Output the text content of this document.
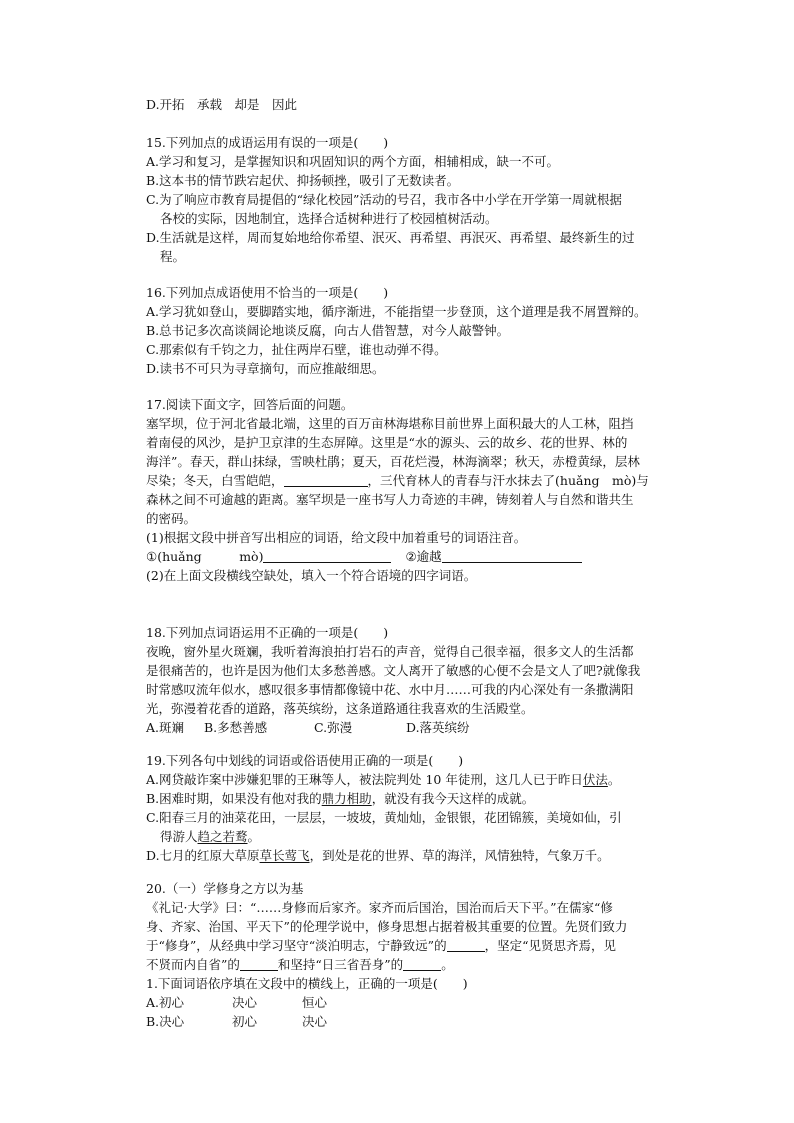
D.开拓　承载　却是　因此
15.下列加点的成语运用有误的一项是(　　)
A.学习和复习，是掌握知识和巩固知识的两个方面，相辅相成，缺一不可。
B.这本书的情节跌宕起伏、抑扬顿挫，吸引了无数读者。
C.为了响应市教育局提倡的“绿化校园”活动的号召，我市各中小学在开学第一周就根据
各校的实际，因地制宜，选择合适树种进行了校园植树活动。
D.生活就是这样，周而复始地给你希望、泯灭、再希望、再泯灭、再希望、最终新生的过
程。
16.下列加点成语使用不恰当的一项是(　　)
A.学习犹如登山，要脚踏实地，循序渐进，不能指望一步登顶，这个道理是我不屑置辩的。
B.总书记多次高谈阔论地谈反腐，向古人借智慧，对今人敲警钟。
C.那索似有千钧之力，扯住两岸石壁，谁也动弹不得。
D.读书不可只为寻章摘句，而应推敲细思。
17.阅读下面文字，回答后面的问题。
塞罕坝，位于河北省最北端，这里的百万亩林海堪称目前世界上面积最大的人工林，阻挡
着南侵的风沙，是护卫京津的生态屏障。这里是“水的源头、云的故乡、花的世界、林的
海洋”。春天，群山抹绿，雪映杜鹃；夏天，百花烂漫，林海滴翠；秋天，赤橙黄绿，层林
尽染；冬天，白雪皑皑，	，三代育林人的青春与汗水抹去了(huǎng　mò)与
森林之间不可逾越的距离。塞罕坝是一座书写人力奇迹的丰碑，铸刻着人与自然和谐共生
的密码。
(1)根据文段中拼音写出相应的词语，给文段中加着重号的词语注音。
①(huǎng　　　mò)	②逾越
(2)在上面文段横线空缺处，填入一个符合语境的四字词语。
18.下列加点词语运用不正确的一项是(　　)
夜晚，窗外星火斑斓，我听着海浪拍打岩石的声音，觉得自己很幸福，很多文人的生活都
是很痛苦的，也许是因为他们太多愁善感。文人离开了敏感的心便不会是文人了吧?就像我
时常感叹流年似水，感叹很多事情都像镜中花、水中月……可我的内心深处有一条撒满阳
光，弥漫着花香的道路，落英缤纷，这条道路通往我喜欢的生活殿堂。
A.斑斓 B.多愁善感	C.弥漫	D.落英缤纷
19.下列各句中划线的词语或俗语使用正确的一项是(　　)
A.网贷敲诈案中涉嫌犯罪的王琳等人，被法院判处 10 年徒刑，这几人已于昨日伏法。
B.困难时期，如果没有他对我的鼎力相助，就没有我今天这样的成就。
C.阳春三月的油菜花田，一层层，一坡坡，黄灿灿，金银银，花团锦簇，美境如仙，引
得游人趋之若鹜。
D.七月的红原大草原草长莺飞，到处是花的世界、草的海洋，风情独特，气象万千。
20.（一）学修身之方以为基
《礼记·大学》曰：“……身修而后家齐。家齐而后国治，国治而后天下平。”在儒家“修
身、齐家、治国、平天下”的伦理学说中，修身思想占据着极其重要的位置。先贤们致力
于“修身”，从经典中学习坚守“淡泊明志，宁静致远”的	，坚定“见贤思齐焉，见
不贤而内自省”的	和坚持“日三省吾身”的	。
1.下面词语依序填在文段中的横线上，正确的一项是(　　)
A.初心	决心	恒心
B.决心	初心	决心
